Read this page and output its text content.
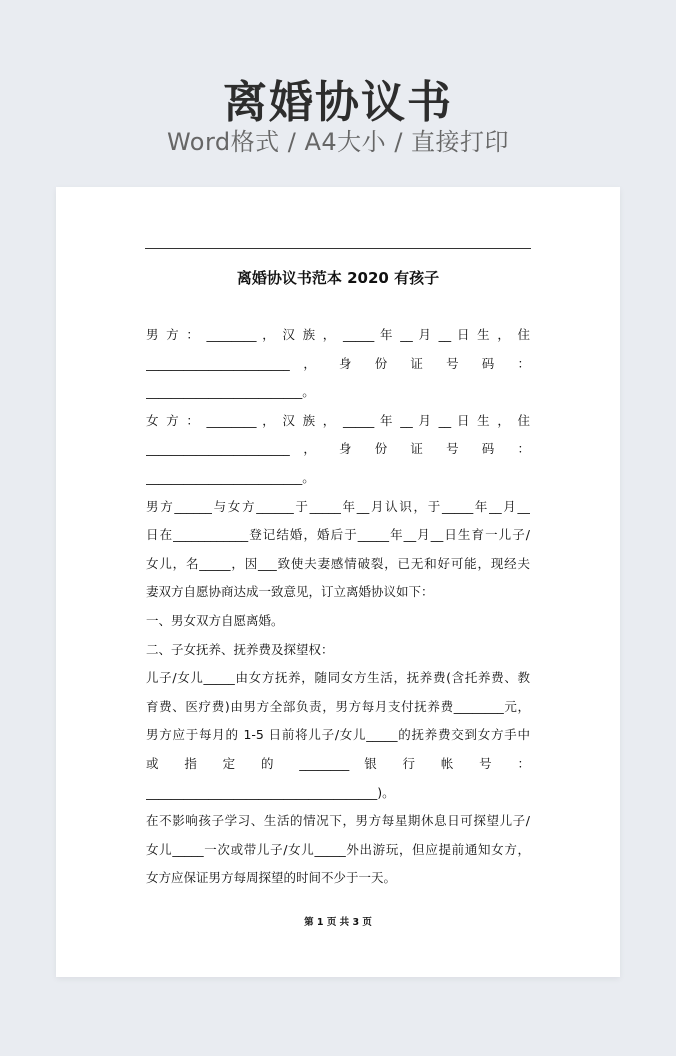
离婚协议书
Word格式 / A4大小 / 直接打印
离婚协议书范本 2020 有孩子
男 方 ： ________ ， 汉 族 ， _____ 年 __ 月 __ 日 生 ， 住
_______________________ ， 身 份 证 号 码 ：
_________________________。
女 方 ： ________ ， 汉 族 ， _____ 年 __ 月 __ 日 生 ， 住
_______________________ ， 身 份 证 号 码 ：
_________________________。
男方______与女方______于_____年__月认识，于_____年__月__
日在____________登记结婚，婚后于_____年__月__日生育一儿子/
女儿，名_____，因___致使夫妻感情破裂，已无和好可能，现经夫
妻双方自愿协商达成一致意见，订立离婚协议如下：
一、男女双方自愿离婚。
二、子女抚养、抚养费及探望权：
儿子/女儿_____由女方抚养，随同女方生活，抚养费(含托养费、教
育费、医疗费)由男方全部负责，男方每月支付抚养费________元，
男方应于每月的 1-5 日前将儿子/女儿_____的抚养费交到女方手中
或 指 定 的 ________ 银 行 帐 号 ：
_____________________________________)。
在不影响孩子学习、生活的情况下，男方每星期休息日可探望儿子/
女儿_____一次或带儿子/女儿_____外出游玩，但应提前通知女方，
女方应保证男方每周探望的时间不少于一天。
第 1 页 共 3 页
